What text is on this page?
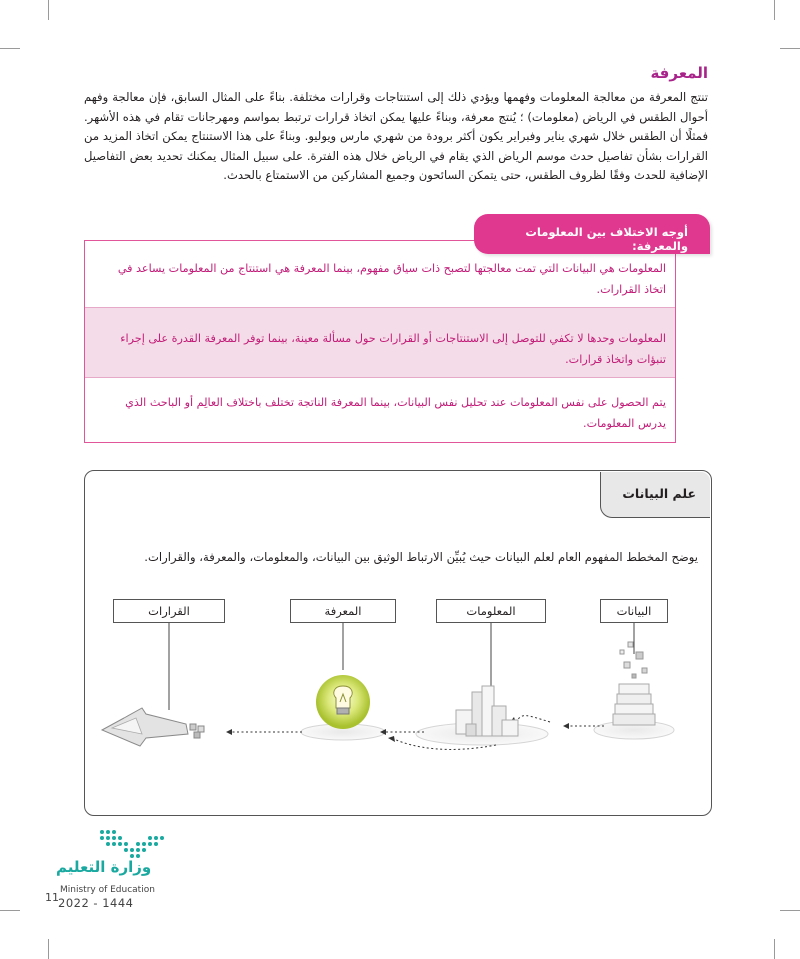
المعرفة

تنتج المعرفة من معالجة المعلومات وفهمها ويؤدي ذلك إلى استنتاجات وقرارات مختلفة. بناءً على المثال السابق، فإن معالجة وفهم أحوال الطقس في الرياض (معلومات) ؛ يُنتج معرفة، وبناءً عليها يمكن اتخاذ قرارات ترتبط بمواسم ومهرجانات تقام في هذه الأشهر. فمثلًا أن الطقس خلال شهري يناير وفبراير يكون أكثر برودة من شهري مارس ويوليو. وبناءً على هذا الاستنتاج يمكن اتخاذ المزيد من القرارات بشأن تفاصيل حدث موسم الرياض الذي يقام في الرياض خلال هذه الفترة. على سبيل المثال يمكنك تحديد بعض التفاصيل الإضافية للحدث وفقًا لظروف الطقس، حتى يتمكن السائحون وجميع المشاركين من الاستمتاع بالحدث.

أوجه الاختلاف بين المعلومات والمعرفة:
المعلومات هي البيانات التي تمت معالجتها لتصبح ذات سياق مفهوم، بينما المعرفة هي استنتاج من المعلومات يساعد في اتخاذ القرارات.
المعلومات وحدها لا تكفي للتوصل إلى الاستنتاجات أو القرارات حول مسألة معينة، بينما توفر المعرفة القدرة على إجراء تنبؤات واتخاذ قرارات.
يتم الحصول على نفس المعلومات عند تحليل نفس البيانات، بينما المعرفة الناتجة تختلف باختلاف العالِم أو الباحث الذي يدرس المعلومات.
علم البيانات

يوضح المخطط المفهوم العام لعلم البيانات حيث يُبيِّن الارتباط الوثيق بين البيانات، والمعلومات، والمعرفة، والقرارات.

البيانات
المعلومات
المعرفة
القرارات
وزارة التعليم
Ministry of Education
11 2022 - 1444
